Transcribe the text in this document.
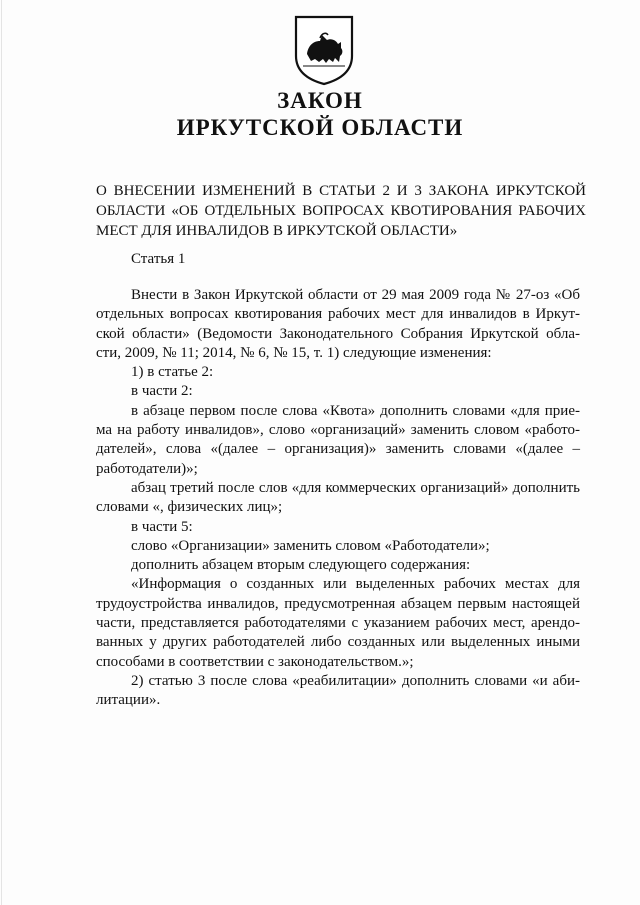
ЗАКОН
ИРКУТСКОЙ ОБЛАСТИ
О ВНЕСЕНИИ ИЗМЕНЕНИЙ В СТАТЬИ 2 И 3 ЗАКОНА ИРКУТСКОЙ
ОБЛАСТИ «ОБ ОТДЕЛЬНЫХ ВОПРОСАХ КВОТИРОВАНИЯ РАБОЧИХ
МЕСТ ДЛЯ ИНВАЛИДОВ В ИРКУТСКОЙ ОБЛАСТИ»
Статья 1

Внести в Закон Иркутской области от 29 мая 2009 года № 27-оз «Об
отдельных вопросах квотирования рабочих мест для инвалидов в Иркут-
ской области» (Ведомости Законодательного Собрания Иркутской обла-
сти, 2009, № 11; 2014, № 6, № 15, т. 1) следующие изменения:

1) в статье 2:

в части 2:

в абзаце первом после слова «Квота» дополнить словами «для прие-
ма на работу инвалидов», слово «организаций» заменить словом «работо-
дателей», слова «(далее – организация)» заменить словами «(далее –
работодатели)»;

абзац третий после слов «для коммерческих организаций» дополнить
словами «, физических лиц»;

в части 5:

слово «Организации» заменить словом «Работодатели»;

дополнить абзацем вторым следующего содержания:

«Информация о созданных или выделенных рабочих местах для
трудоустройства инвалидов, предусмотренная абзацем первым настоящей
части, представляется работодателями с указанием рабочих мест, арендо-
ванных у других работодателей либо созданных или выделенных иными
способами в соответствии с законодательством.»;

2) статью 3 после слова «реабилитации» дополнить словами «и аби-
литации».
